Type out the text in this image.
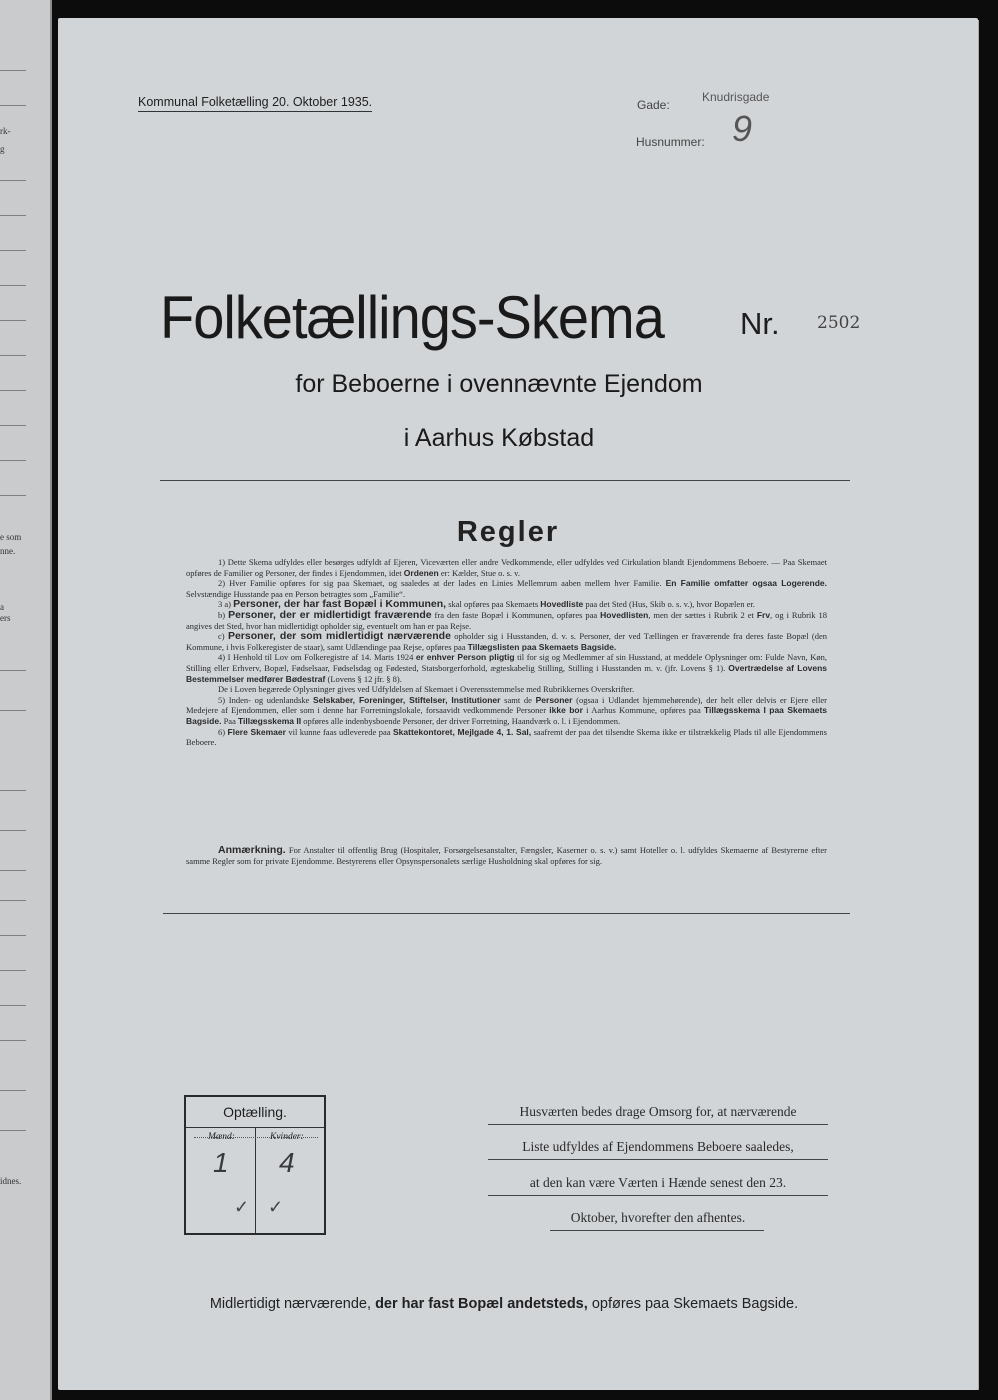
rk-
g
e som
nne.
a
ers
idnes.
Kommunal Folketælling 20. Oktober 1935.	Gade:
Knudrisgade
Husnummer: 9
Folketællings-Skema Nr. 2502
for Beboerne i ovennævnte Ejendom
i Aarhus Købstad
Regler

1) Dette Skema udfyldes eller besørges udfyldt af Ejeren, Viceværten eller andre Vedkommende, eller udfyldes ved Cirkulation blandt Ejendommens Beboere. — Paa Skemaet opføres de Familier og Personer, der findes i Ejendommen, idet Ordenen er: Kælder, Stue o. s. v.

2) Hver Familie opføres for sig paa Skemaet, og saaledes at der lades en Linies Mellemrum aaben mellem hver Familie. En Familie omfatter ogsaa Logerende. Selvstændige Husstande paa en Person betragtes som „Familie“.

3 a) Personer, der har fast Bopæl i Kommunen, skal opføres paa Skemaets Hovedliste paa det Sted (Hus, Skib o. s. v.), hvor Bopælen er.

b) Personer, der er midlertidigt fraværende fra den faste Bopæl i Kommunen, opføres paa Hovedlisten, men der sættes i Rubrik 2 et Frv, og i Rubrik 18 angives det Sted, hvor han midlertidigt opholder sig, eventuelt om han er paa Rejse.

c) Personer, der som midlertidigt nærværende opholder sig i Husstanden, d. v. s. Personer, der ved Tællingen er fraværende fra deres faste Bopæl (den Kommune, i hvis Folkeregister de staar), samt Udlændinge paa Rejse, opføres paa Tillægslisten paa Skemaets Bagside.

4) I Henhold til Lov om Folkeregistre af 14. Marts 1924 er enhver Person pligtig til for sig og Medlemmer af sin Husstand, at meddele Oplysninger om: Fulde Navn, Køn, Stilling eller Erhverv, Bopæl, Fødselsaar, Fødselsdag og Fødested, Statsborgerforhold, ægteskabelig Stilling, Stilling i Husstanden m. v. (jfr. Lovens § 1). Overtrædelse af Lovens Bestemmelser medfører Bødestraf (Lovens § 12 jfr. § 8).

De i Loven begærede Oplysninger gives ved Udfyldelsen af Skemaet i Overensstemmelse med Rubrikkernes Overskrifter.

5) Inden- og udenlandske Selskaber, Foreninger, Stiftelser, Institutioner samt de Personer (ogsaa i Udlandet hjemmehørende), der helt eller delvis er Ejere eller Medejere af Ejendommen, eller som i denne har Forretningslokale, forsaavidt vedkommende Personer ikke bor i Aarhus Kommune, opføres paa Tillægsskema I paa Skemaets Bagside. Paa Tillægsskema II opføres alle indenbysboende Personer, der driver Forretning, Haandværk o. l. i Ejendommen.

6) Flere Skemaer vil kunne faas udleverede paa Skattekontoret, Mejlgade 4, 1. Sal, saafremt der paa det tilsendte Skema ikke er tilstrækkelig Plads til alle Ejendommens Beboere.

Anmærkning. For Anstalter til offentlig Brug (Hospitaler, Forsørgelsesanstalter, Fængsler, Kaserner o. s. v.) samt Hoteller o. l. udfyldes Skemaerne af Bestyrerne efter samme Regler som for private Ejendomme. Bestyrerens eller Opsynspersonalets særlige Husholdning skal opføres for sig.
Optælling.
Mænd:	Kvinder:
1 4
✓ ✓
Husværten bedes drage Omsorg for, at nærværende
Liste udfyldes af Ejendommens Beboere saaledes,
at den kan være Værten i Hænde senest den 23.
Oktober, hvorefter den afhentes.
Midlertidigt nærværende, der har fast Bopæl andetsteds, opføres paa Skemaets Bagside.
